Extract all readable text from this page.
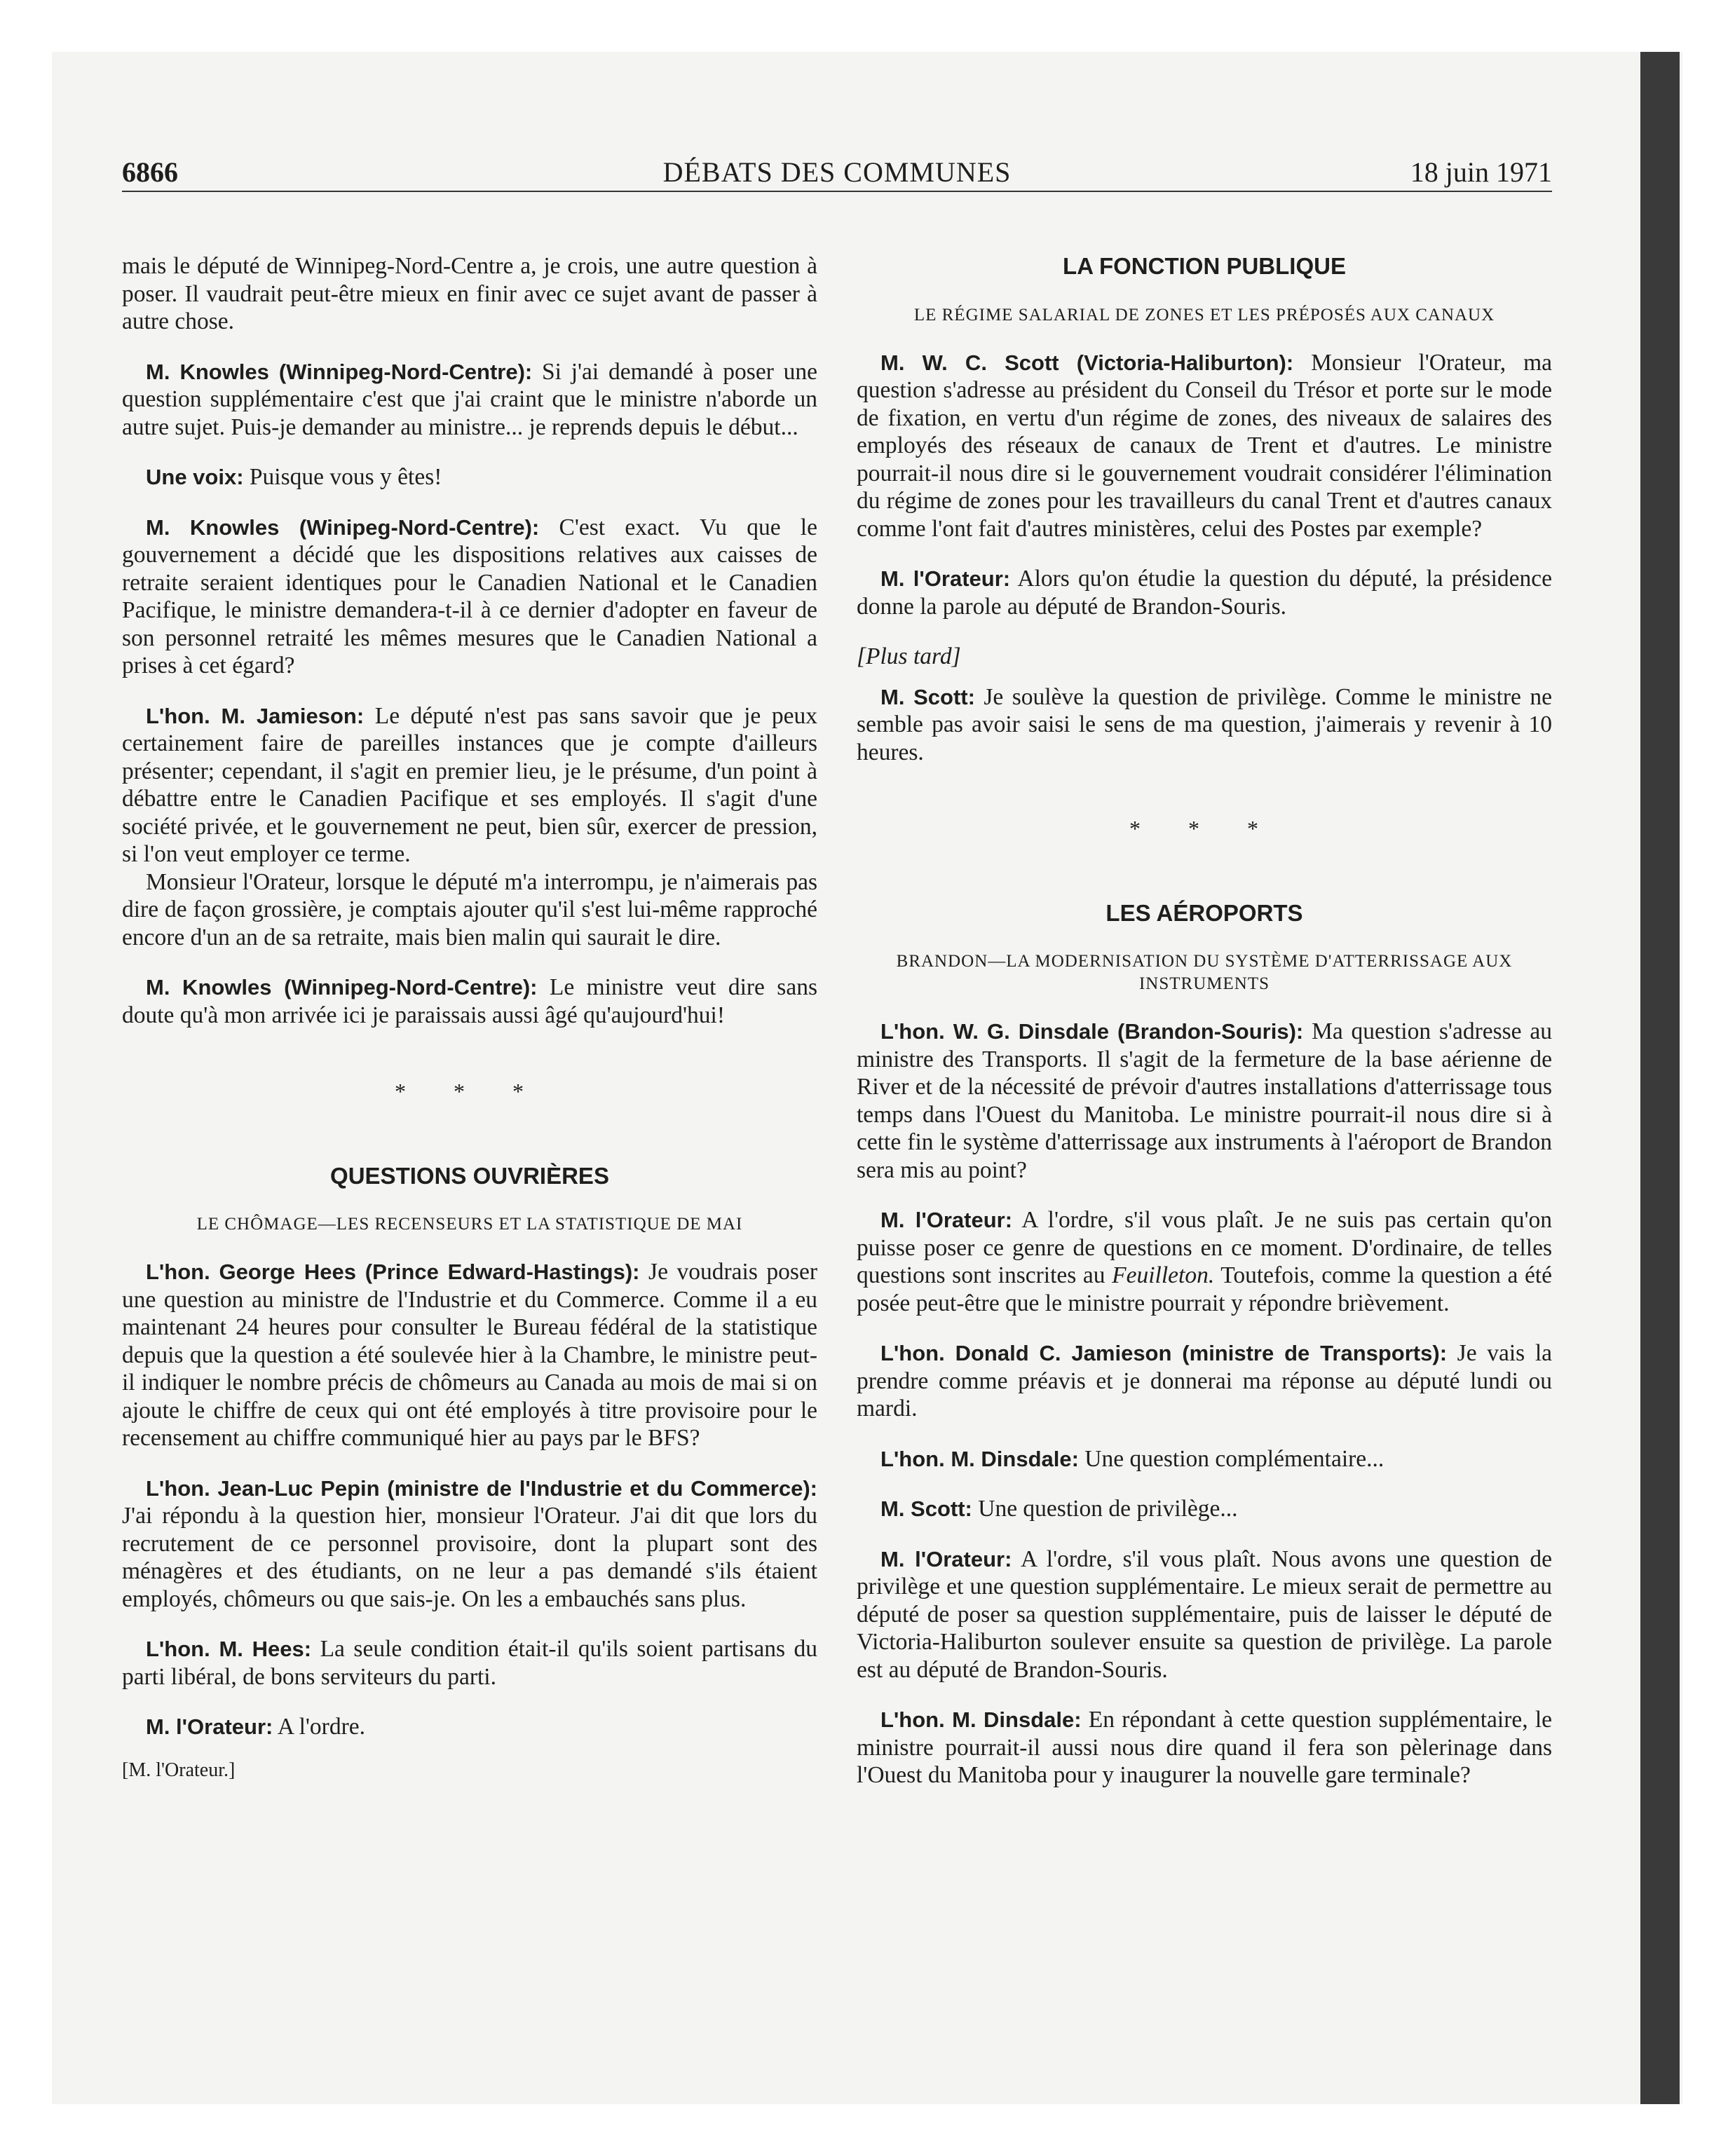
6866	DÉBATS DES COMMUNES	18 juin 1971

mais le député de Winnipeg-Nord-Centre a, je crois, une autre question à poser. Il vaudrait peut-être mieux en finir avec ce sujet avant de passer à autre chose.

M. Knowles (Winnipeg-Nord-Centre): Si j'ai demandé à poser une question supplémentaire c'est que j'ai craint que le ministre n'aborde un autre sujet. Puis-je demander au ministre... je reprends depuis le début...

Une voix: Puisque vous y êtes!

M. Knowles (Winipeg-Nord-Centre): C'est exact. Vu que le gouvernement a décidé que les dispositions relatives aux caisses de retraite seraient identiques pour le Canadien National et le Canadien Pacifique, le ministre demandera-t-il à ce dernier d'adopter en faveur de son personnel retraité les mêmes mesures que le Canadien National a prises à cet égard?

L'hon. M. Jamieson: Le député n'est pas sans savoir que je peux certainement faire de pareilles instances que je compte d'ailleurs présenter; cependant, il s'agit en premier lieu, je le présume, d'un point à débattre entre le Canadien Pacifique et ses employés. Il s'agit d'une société privée, et le gouvernement ne peut, bien sûr, exercer de pression, si l'on veut employer ce terme.

Monsieur l'Orateur, lorsque le député m'a interrompu, je n'aimerais pas dire de façon grossière, je comptais ajouter qu'il s'est lui-même rapproché encore d'un an de sa retraite, mais bien malin qui saurait le dire.

M. Knowles (Winnipeg-Nord-Centre): Le ministre veut dire sans doute qu'à mon arrivée ici je paraissais aussi âgé qu'aujourd'hui!

* * *
QUESTIONS OUVRIÈRES
LE CHÔMAGE—LES RECENSEURS ET LA STATISTIQUE DE MAI

L'hon. George Hees (Prince Edward-Hastings): Je voudrais poser une question au ministre de l'Industrie et du Commerce. Comme il a eu maintenant 24 heures pour consulter le Bureau fédéral de la statistique depuis que la question a été soulevée hier à la Chambre, le ministre peut-il indiquer le nombre précis de chômeurs au Canada au mois de mai si on ajoute le chiffre de ceux qui ont été employés à titre provisoire pour le recensement au chiffre communiqué hier au pays par le BFS?

L'hon. Jean-Luc Pepin (ministre de l'Industrie et du Commerce): J'ai répondu à la question hier, monsieur l'Orateur. J'ai dit que lors du recrutement de ce personnel provisoire, dont la plupart sont des ménagères et des étudiants, on ne leur a pas demandé s'ils étaient employés, chômeurs ou que sais-je. On les a embauchés sans plus.

L'hon. M. Hees: La seule condition était-il qu'ils soient partisans du parti libéral, de bons serviteurs du parti.

M. l'Orateur: A l'ordre.

[M. l'Orateur.]
LA FONCTION PUBLIQUE
LE RÉGIME SALARIAL DE ZONES ET LES PRÉPOSÉS AUX CANAUX

M. W. C. Scott (Victoria-Haliburton): Monsieur l'Orateur, ma question s'adresse au président du Conseil du Trésor et porte sur le mode de fixation, en vertu d'un régime de zones, des niveaux de salaires des employés des réseaux de canaux de Trent et d'autres. Le ministre pourrait-il nous dire si le gouvernement voudrait considérer l'élimination du régime de zones pour les travailleurs du canal Trent et d'autres canaux comme l'ont fait d'autres ministères, celui des Postes par exemple?

M. l'Orateur: Alors qu'on étudie la question du député, la présidence donne la parole au député de Brandon-Souris.

[Plus tard]

M. Scott: Je soulève la question de privilège. Comme le ministre ne semble pas avoir saisi le sens de ma question, j'aimerais y revenir à 10 heures.

* * *
LES AÉROPORTS
BRANDON—LA MODERNISATION DU SYSTÈME D'ATTERRISSAGE AUX INSTRUMENTS

L'hon. W. G. Dinsdale (Brandon-Souris): Ma question s'adresse au ministre des Transports. Il s'agit de la fermeture de la base aérienne de River et de la nécessité de prévoir d'autres installations d'atterrissage tous temps dans l'Ouest du Manitoba. Le ministre pourrait-il nous dire si à cette fin le système d'atterrissage aux instruments à l'aéroport de Brandon sera mis au point?

M. l'Orateur: A l'ordre, s'il vous plaît. Je ne suis pas certain qu'on puisse poser ce genre de questions en ce moment. D'ordinaire, de telles questions sont inscrites au Feuilleton. Toutefois, comme la question a été posée peut-être que le ministre pourrait y répondre brièvement.

L'hon. Donald C. Jamieson (ministre de Transports): Je vais la prendre comme préavis et je donnerai ma réponse au député lundi ou mardi.

L'hon. M. Dinsdale: Une question complémentaire...

M. Scott: Une question de privilège...

M. l'Orateur: A l'ordre, s'il vous plaît. Nous avons une question de privilège et une question supplémentaire. Le mieux serait de permettre au député de poser sa question supplémentaire, puis de laisser le député de Victoria-Haliburton soulever ensuite sa question de privilège. La parole est au député de Brandon-Souris.

L'hon. M. Dinsdale: En répondant à cette question supplémentaire, le ministre pourrait-il aussi nous dire quand il fera son pèlerinage dans l'Ouest du Manitoba pour y inaugurer la nouvelle gare terminale?
